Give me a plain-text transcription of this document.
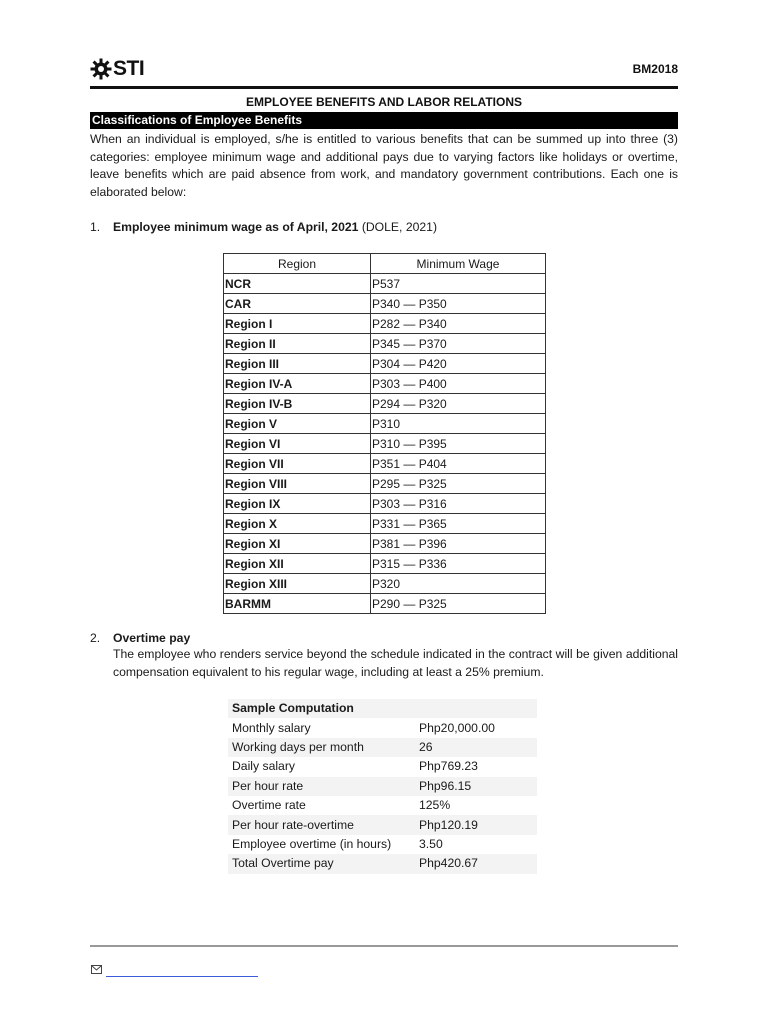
STI	BM2018
EMPLOYEE BENEFITS AND LABOR RELATIONS
Classifications of Employee Benefits

When an individual is employed, s/he is entitled to various benefits that can be summed up into three (3) categories: employee minimum wage and additional pays due to varying factors like holidays or overtime, leave benefits which are paid absence from work, and mandatory government contributions. Each one is elaborated below:

1. Employee minimum wage as of April, 2021 (DOLE, 2021)
Region	Minimum Wage
NCR	P537
CAR	P340 — P350
Region I	P282 — P340
Region II	P345 — P370
Region III	P304 — P420
Region IV-A	P303 — P400
Region IV-B	P294 — P320
Region V	P310
Region VI	P310 — P395
Region VII	P351 — P404
Region VIII	P295 — P325
Region IX	P303 — P316
Region X	P331 — P365
Region XI	P381 — P396
Region XII	P315 — P336
Region XIII	P320
BARMM	P290 — P325
2. Overtime pay

The employee who renders service beyond the schedule indicated in the contract will be given additional compensation equivalent to his regular wage, including at least a 25% premium.

Sample Computation	
Monthly salary	Php20,000.00
Working days per month	26
Daily salary	Php769.23
Per hour rate	Php96.15
Overtime rate	125%
Per hour rate-overtime	Php120.19
Employee overtime (in hours)	3.50
Total Overtime pay	Php420.67
